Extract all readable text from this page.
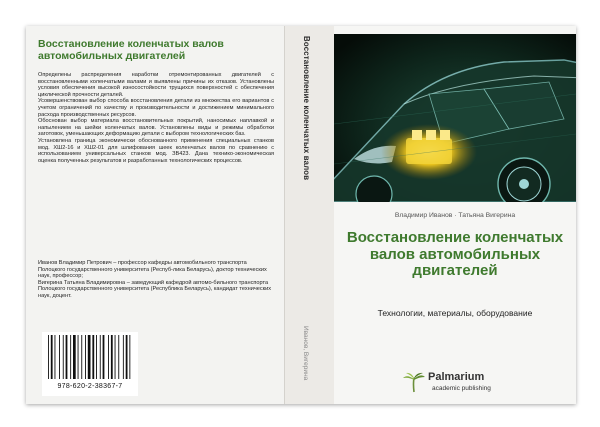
Восстановление коленчатых валов автомобильных двигателей

Определены распределения наработки отремонтированных двигателей с восстановленными коленчатыми валами и выявлены причины их отказов. Установлены условия обеспечения высокой износостойкости трущихся поверхностей с обеспечения циклической прочности деталей.
Усовершенствован выбор способа восстановления детали из множества его вариантов с учетом ограничений по качеству и производительности и достижением минимального расхода производственных ресурсов.
Обоснован выбор материала восстановительных покрытий, наносимых наплавкой и напылением на шейки коленчатых валов. Установлены виды и режимы обработки заготовок, уменьшающих деформацию детали с выбором технологических баз.
Установлена граница экономически обоснованного применения специальных станков мод. ХШ2-16 и ХШ2-01 для шлифования шеек коленчатых валов по сравнению с использованием универсальных станков мод. ЗВ423. Дана технико-экономическая оценка полученных результатов и разработанных технологических процессов.

Иванов Владимир Петрович – профессор кафедры автомобильного транспорта Полоцкого государственного университета (Респуб-лика Беларусь), доктор технических наук, профессор;
Вигерина Татьяна Владимировна – заведующий кафедрой автомо-бильного транспорта Полоцкого государственного университета (Республика Беларусь), кандидат технических наук, доцент.

978-620-2-38367-7
Восстановление коленчатых валов
Иванов, Вигерина
Владимир Иванов · Татьяна Вигерина
Восстановление коленчатых валов автомобильных двигателей
Технологии, материалы, оборудование
Palmarium
academic publishing
